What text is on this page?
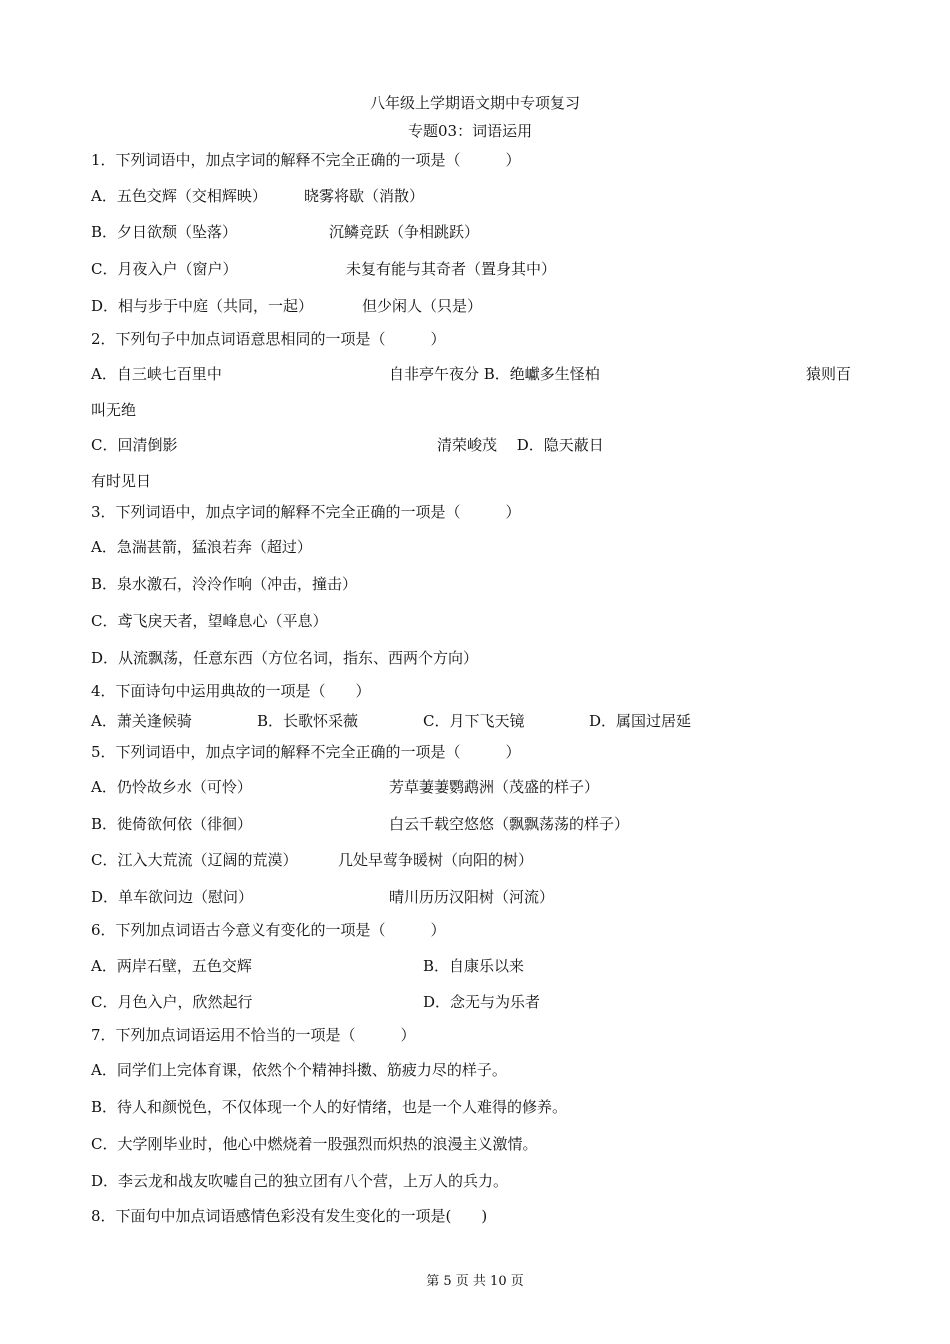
八年级上学期语文期中专项复习
专题03：词语运用
1．下列词语中，加点字词的解释不完全正确的一项是（　　　）
A．五色交辉（交相辉映） 晓雾将歇（消散）
B．夕日欲颓（坠落）	沉鳞竞跃（争相跳跃）
C．月夜入户（窗户）	未复有能与其奇者（置身其中）
D．相与步于中庭（共同，一起）	但少闲人（只是）
2．下列句子中加点词语意思相同的一项是（　　　）
A．自三峡七百里中	自非亭午夜分 B．绝巘多生怪柏	猿则百
叫无绝
C．回清倒影	清荣峻茂　 D．隐天蔽日
有时见日
3．下列词语中，加点字词的解释不完全正确的一项是（　　　）
A．急湍甚箭，猛浪若奔（超过）
B．泉水激石，泠泠作响（冲击，撞击）
C．鸢飞戾天者，望峰息心（平息）
D．从流飘荡，任意东西（方位名词，指东、西两个方向）
4．下面诗句中运用典故的一项是（　　）
A．萧关逢候骑	B．长歌怀采薇	C．月下飞天镜	D．属国过居延
5．下列词语中，加点字词的解释不完全正确的一项是（　　　）
A．仍怜故乡水（可怜）	芳草萋萋鹦鹉洲（茂盛的样子）
B．徙倚欲何依（徘徊）	白云千载空悠悠（飘飘荡荡的样子）
C．江入大荒流（辽阔的荒漠）	几处早莺争暖树（向阳的树）
D．单车欲问边（慰问）	晴川历历汉阳树（河流）
6．下列加点词语古今意义有变化的一项是（　　　）
A．两岸石壁，五色交辉	B．自康乐以来
C．月色入户，欣然起行	D．念无与为乐者
7．下列加点词语运用不恰当的一项是（　　　）
A．同学们上完体育课，依然个个精神抖擞、筋疲力尽的样子。
B．待人和颜悦色，不仅体现一个人的好情绪，也是一个人难得的修养。
C．大学刚毕业时，他心中燃烧着一股强烈而炽热的浪漫主义激情。
D．李云龙和战友吹嘘自己的独立团有八个营，上万人的兵力。
8．下面句中加点词语感情色彩没有发生变化的一项是(　　)
第 5 页 共 10 页
